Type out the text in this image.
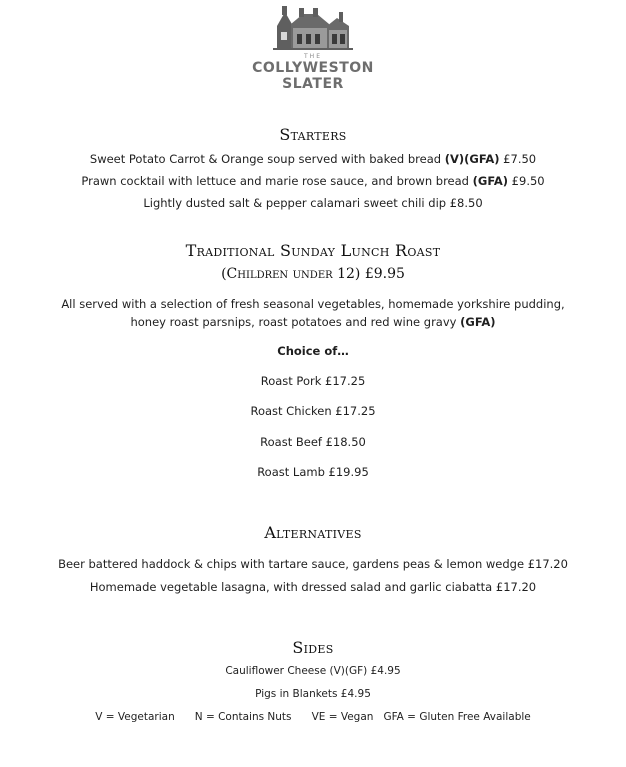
THE
COLLYWESTON
SLATER
Starters
Sweet Potato Carrot & Orange soup served with baked bread (V)(GFA) £7.50
Prawn cocktail with lettuce and marie rose sauce, and brown bread (GFA) £9.50
Lightly dusted salt & pepper calamari sweet chili dip £8.50
Traditional Sunday Lunch Roast
(Children under 12) £9.95
All served with a selection of fresh seasonal vegetables, homemade yorkshire pudding, honey roast parsnips, roast potatoes and red wine gravy (GFA)
Choice of…
Roast Pork £17.25
Roast Chicken £17.25
Roast Beef £18.50
Roast Lamb £19.95
Alternatives
Beer battered haddock & chips with tartare sauce, gardens peas & lemon wedge £17.20
Homemade vegetable lasagna, with dressed salad and garlic ciabatta £17.20
Sides
Cauliflower Cheese (V)(GF) £4.95
Pigs in Blankets £4.95
V = Vegetarian N = Contains Nuts VE = Vegan GFA = Gluten Free Available
